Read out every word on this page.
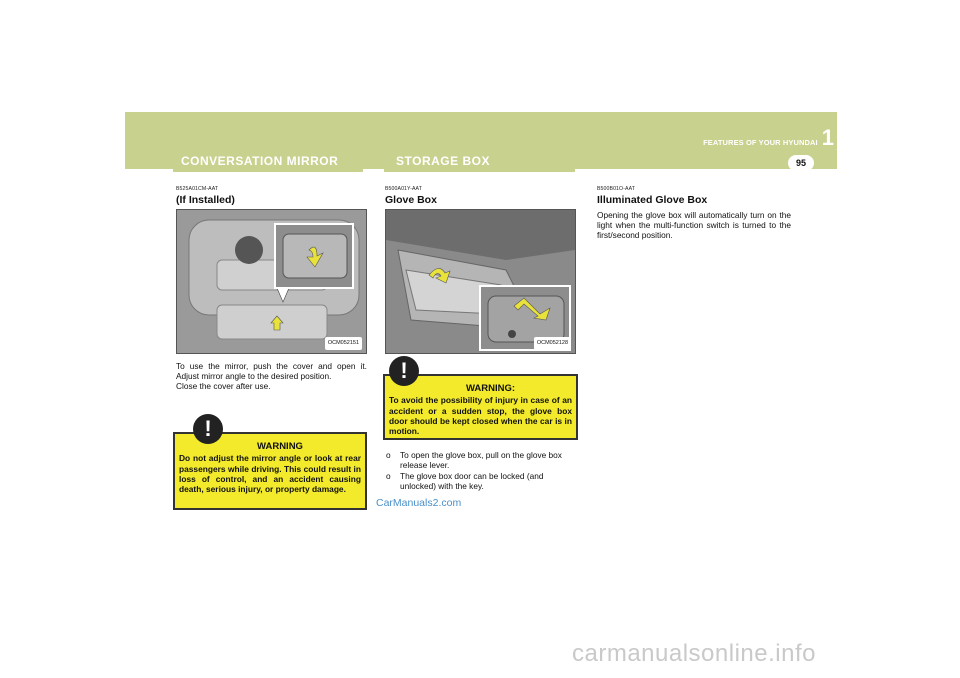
FEATURES OF YOUR HYUNDAI 1
95
CONVERSATION MIRROR	STORAGE BOX
B525A01CM-AAT
(If Installed)
OCM052151
To use the mirror, push the cover and open it. Adjust mirror angle to the desired position.
Close the cover after use.
!
WARNING
Do not adjust the mirror angle or look at rear passengers while driving. This could result in loss of control, and an accident causing death, serious injury, or property damage.
B500A01Y-AAT
Glove Box
OCM052128
!
WARNING:
To avoid the possibility of injury in case of an accident or a sudden stop, the glove box door should be kept closed when the car is in motion.
o To open the glove box, pull on the glove box release lever.
o The glove box door can be locked (and unlocked) with the key.
B500B01O-AAT
Illuminated Glove Box
Opening the glove box will automatically turn on the light when the multi-function switch is turned to the first/second position.
CarManuals2.com
carmanualsonline.info
